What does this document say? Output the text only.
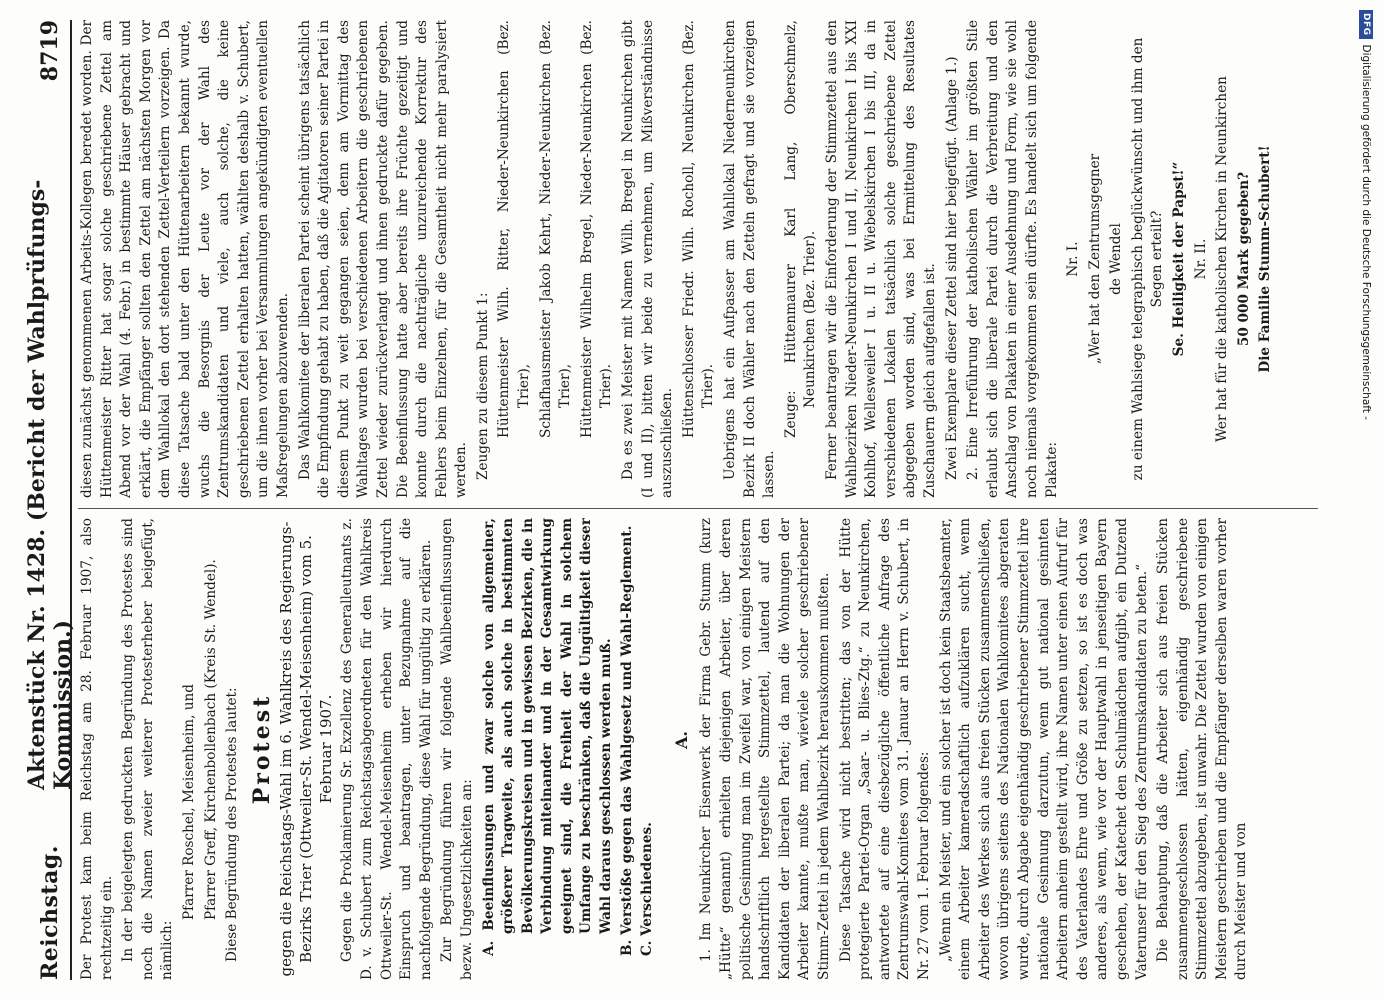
Reichstag.
Aktenstück Nr. 1428. (Bericht der Wahlprüfungs-Kommission.)
8719

Der Protest kam beim Reichstag am 28. Februar 1907, also rechtzeitig ein. In der beigelegten gedruckten Begründung des Protestes sind noch die Namen zweier weiterer Protesterheber beigefügt, nämlich:

Pfarrer Roschel, Meisenheim, und Pfarrer Greff, Kirchenbollenbach (Kreis St. Wendel). Diese Begründung des Protestes lautet: Protest gegen die Reichstags-Wahl im 6. Wahlkreis des Regierungs-Bezirks Trier (Ottweiler-St. Wendel-Meisenheim) vom 5. Februar 1907. Gegen die Proklamierung Sr. Exzellenz des Generalleutnants z. D. v. Schubert zum Reichstagsabgeordneten für den Wahlkreis Ottweiler-St. Wendel-Meisenheim erheben wir hierdurch Einspruch und beantragen, unter Bezugnahme auf die nachfolgende Begründung, diese Wahl für ungültig zu erklären. Zur Begründung führen wir folgende Wahlbeeinflussungen bezw. Ungesetzlichkeiten an: A. Beeinflussungen und zwar solche von allgemeiner, größerer Tragweite, als auch solche in bestimmten Bevölkerungskreisen und in gewissen Bezirken, die in Verbindung miteinander und in der Gesamtwirkung geeignet sind, die Freiheit der Wahl in solchem Umfange zu beschränken, daß die Ungültigkeit dieser Wahl daraus geschlossen werden muß. B. Verstöße gegen das Wahlgesetz und Wahl-Reglement. C. Verschiedenes.

A. 1. Im Neunkircher Eisenwerk der Firma Gebr. Stumm (kurz „Hütte“ genannt) erhielten diejenigen Arbeiter, über deren politische Gesinnung man im Zweifel war, von einigen Meistern handschriftlich hergestellte Stimmzettel, lautend auf den Kandidaten der liberalen Partei; da man die Wohnungen der Arbeiter kannte, mußte man, wieviele solcher geschriebener Stimm-Zettel in jedem Wahlbezirk herauskommen mußten. Diese Tatsache wird nicht bestritten; das von der Hütte protegierte Partei-Organ „Saar- u. Blies-Ztg.“ zu Neunkirchen, antwortete auf eine diesbezügliche öffentliche Anfrage des Zentrumswahl-Komitees vom 31. Januar an Herrn v. Schubert, in Nr. 27 vom 1. Februar folgendes: „Wenn ein Meister, und ein solcher ist doch kein Staatsbeamter, einem Arbeiter kameradschaftlich aufzuklären sucht, wenn Arbeiter des Werkes sich aus freien Stücken zusammenschließen, wovon übrigens seitens des Nationalen Wahlkomitees abgeraten wurde, durch Abgabe eigenhändig geschriebener Stimmzettel ihre nationale Gesinnung darzutun, wenn gut national gesinnten Arbeitern anheim gestellt wird, ihre Namen unter einen Aufruf für des Vaterlandes Ehre und Größe zu setzen, so ist es doch was anderes, als wenn, wie vor der Hauptwahl in jenseitigen Bayern geschehen, der Katechet den Schulmädchen aufgibt, ein Dutzend Vaterunser für den Sieg des Zentrumskandidaten zu beten.“ Die Behauptung, daß die Arbeiter sich aus freien Stücken zusammengeschlossen hätten, eigenhändig geschriebene Stimmzettel abzugeben, ist unwahr. Die Zettel wurden von einigen Meistern geschrieben und die Empfänger derselben waren vorher durch Meister und von

diesen zunächst genommenen Arbeits-Kollegen beredet worden. Der Hüttenmeister Ritter hat sogar solche geschriebene Zettel am Abend vor der Wahl (4. Febr.) in bestimmte Häuser gebracht und erklärt, die Empfänger sollten den Zettel am nächsten Morgen vor dem Wahllokal den dort stehenden Zettel-Verteilern vorzeigen. Da diese Tatsache bald unter den Hüttenarbeitern bekannt wurde, wuchs die Besorgnis der Leute vor der Wahl des Zentrumskandidaten und viele, auch solche, die keine geschriebenen Zettel erhalten hatten, wählten deshalb v. Schubert, um die ihnen vorher bei Versammlungen angekündigten eventuellen Maßregelungen abzuwenden. Das Wahlkomitee der liberalen Partei scheint übrigens tatsächlich die Empfindung gehabt zu haben, daß die Agitatoren seiner Partei in diesem Punkt zu weit gegangen seien, denn am Vormittag des Wahltages wurden bei verschiedenen Arbeitern die geschriebenen Zettel wieder zurückverlangt und ihnen gedruckte dafür gegeben. Die Beeinflussung hatte aber bereits ihre Früchte gezeitigt und konnte durch die nachträgliche unzureichende Korrektur des Fehlers beim Einzelnen, für die Gesamtheit nicht mehr paralysiert werden. Zeugen zu diesem Punkt 1: Hüttenmeister Wilh. Ritter, Nieder-Neunkirchen (Bez. Trier), Schlafhausmeister Jakob Kehrt, Nieder-Neunkirchen (Bez. Trier), Hüttenmeister Wilhelm Bregel, Nieder-Neunkirchen (Bez. Trier). Da es zwei Meister mit Namen Wilh. Bregel in Neunkirchen gibt (I und II), bitten wir beide zu vernehmen, um Mißverständnisse auszuschließen.

Hüttenschlosser Friedr. Wilh. Rocholl, Neunkirchen (Bez. Trier). Uebrigens hat ein Aufpasser am Wahllokal Niederneunkirchen Bezirk II doch Wähler nach den Zetteln gefragt und sie vorzeigen lassen.

Zeuge: Hüttenmaurer Karl Lang, Oberschmelz, Neunkirchen (Bez. Trier). Ferner beantragen wir die Einforderung der Stimmzettel aus den Wahlbezirken Nieder-Neunkirchen I und II, Neunkirchen I bis XXI Kohlhof, Wellesweiler I u. II u. Wiebelskirchen I bis III, da in verschiedenen Lokalen tatsächlich solche geschriebene Zettel abgegeben worden sind, was bei Ermittelung des Resultates Zuschauern gleich aufgefallen ist. Zwei Exemplare dieser Zettel sind hier beigefügt. (Anlage 1.) 2. Eine Irreführung der katholischen Wähler im größten Stile erlaubt sich die liberale Partei durch die Verbreitung und den Anschlag von Plakaten in einer Ausdehnung und Form, wie sie wohl noch niemals vorgekommen sein dürfte. Es handelt sich um folgende Plakate:

Nr. I. „Wer hat den Zentrumsgegner de Wendel zu einem Wahlsiege telegraphisch beglückwünscht und ihm den Segen erteilt? Se. Heiligkeit der Papst!“ Nr. II. Wer hat für die katholischen Kirchen in Neunkirchen 50 000 Mark gegeben? Die Familie Stumm-Schubert!

DFG
Digitalisierung gefördert durch die Deutsche Forschungsgemeinschaft -
